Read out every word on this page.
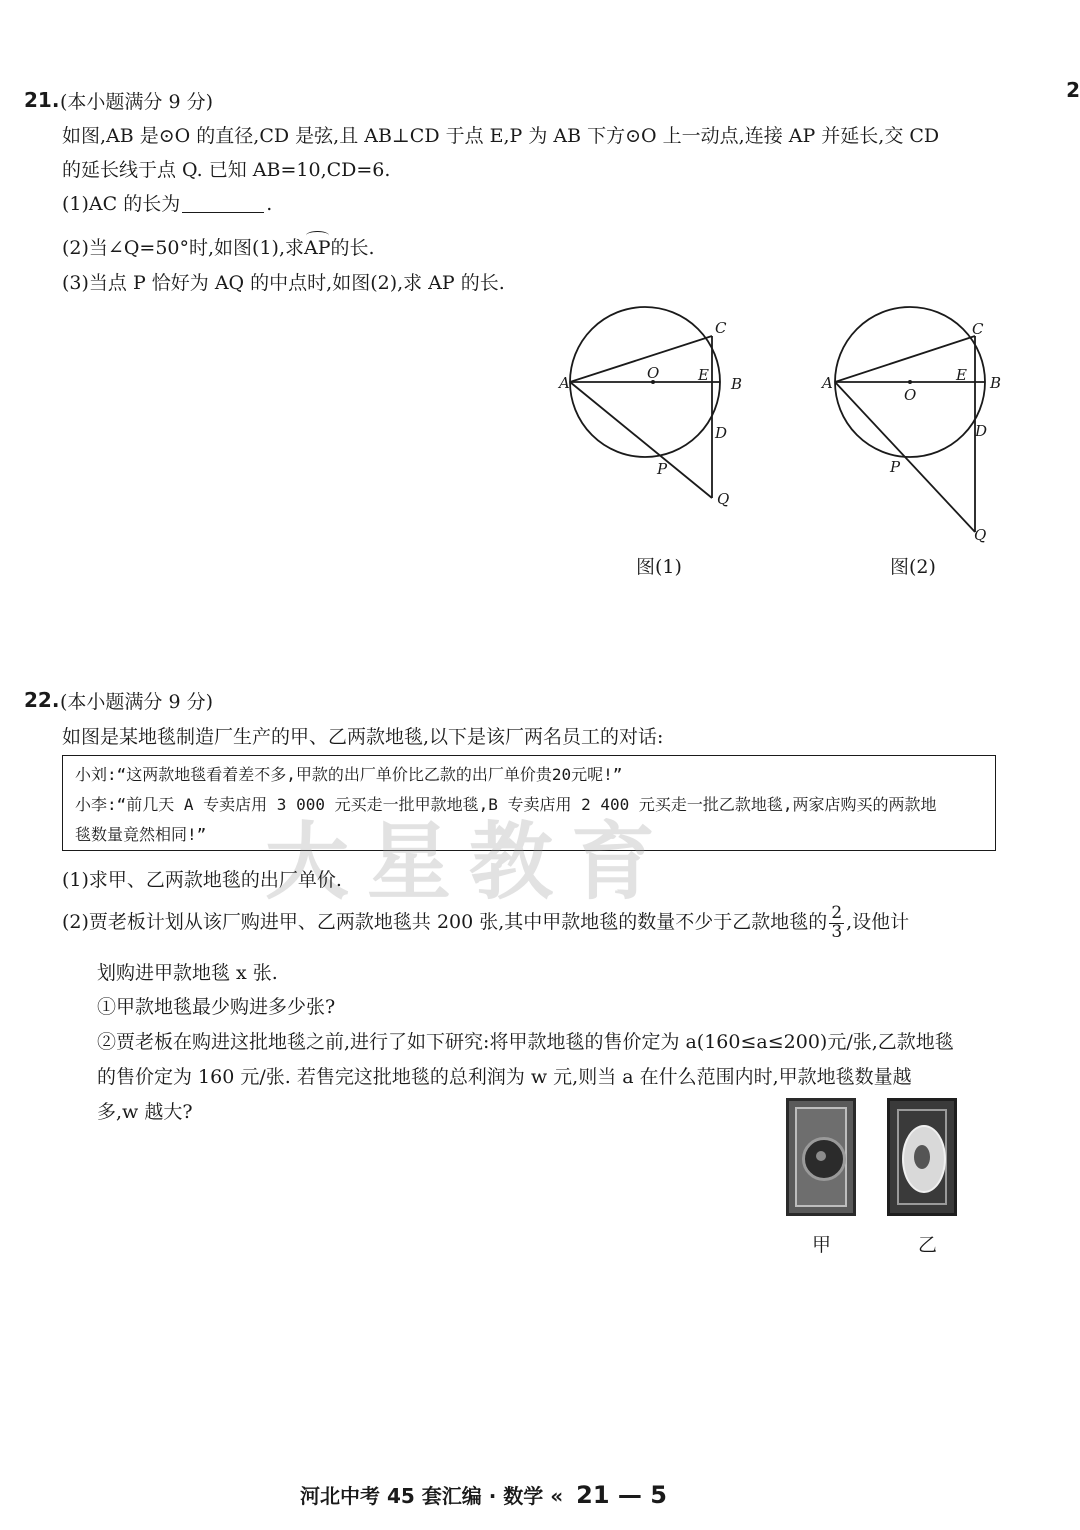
2
21. (本小题满分 9 分)
如图,AB 是⊙O 的直径,CD 是弦,且 AB⊥CD 于点 E,P 为 AB 下方⊙O 上一动点,连接 AP 并延长,交 CD
的延长线于点 Q. 已知 AB=10,CD=6.
(1)AC 的长为	.
(2)当∠Q=50°时,如图(1),求AP的长.
(3)当点 P 恰好为 AQ 的中点时,如图(2),求 AP 的长.
A
O	E B
C
D
P
Q
图(1)
A
O
E B
C
D
P
Q
图(2)
22. (本小题满分 9 分)
如图是某地毯制造厂生产的甲、乙两款地毯,以下是该厂两名员工的对话:
小刘:“这两款地毯看着差不多,甲款的出厂单价比乙款的出厂单价贵20元呢!”
小李:“前几天 A 专卖店用 3 000 元买走一批甲款地毯,B 专卖店用 2 400 元买走一批乙款地毯,两家店购买的两款地
毯数量竟然相同!” 大星教育
(1)求甲、乙两款地毯的出厂单价.
(2)贾老板计划从该厂购进甲、乙两款地毯共 200 张,其中甲款地毯的数量不少于乙款地毯的 $\frac{2}{3}$ ,设他计
划购进甲款地毯 x 张.
①甲款地毯最少购进多少张?
②贾老板在购进这批地毯之前,进行了如下研究:将甲款地毯的售价定为 a(160≤a≤200)元/张,乙款地毯
的售价定为 160 元/张. 若售完这批地毯的总利润为 w 元,则当 a 在什么范围内时,甲款地毯数量越
多,w 越大?
甲	乙
河北中考 45 套汇编 · 数学 « 21 — 5
